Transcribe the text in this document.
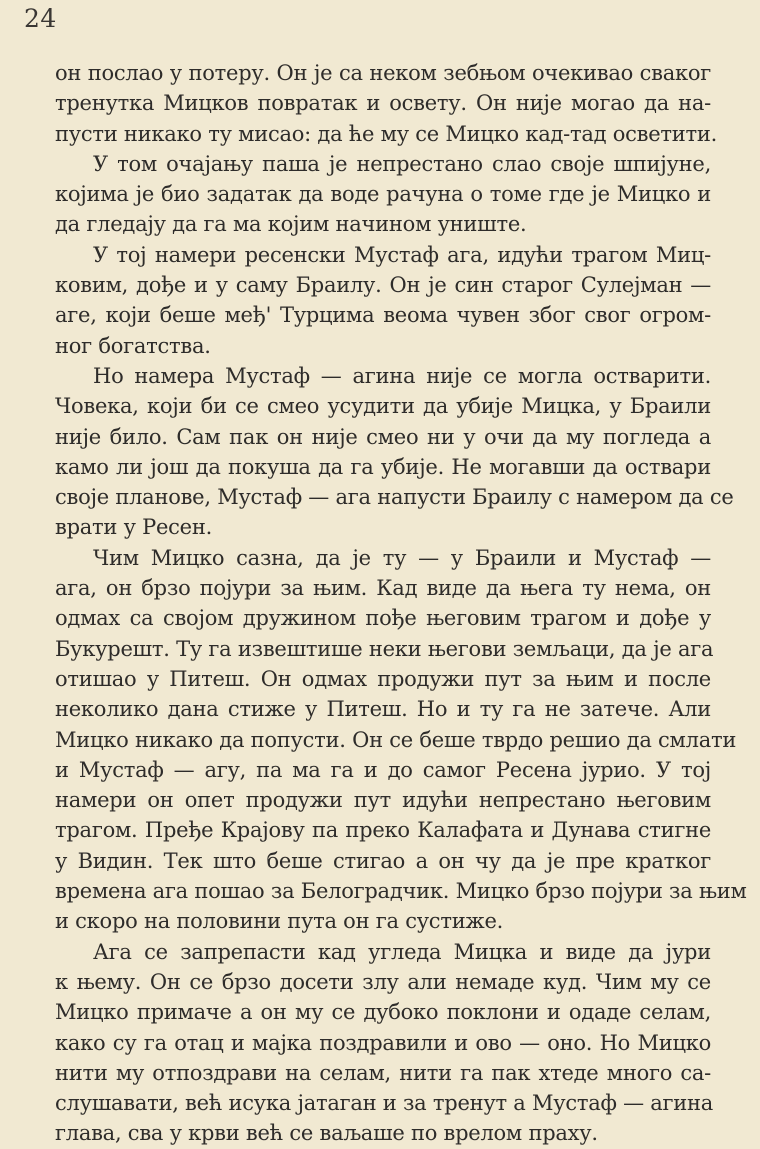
24
он послао у потеру. Он је са неком зебњом очекивао сваког
тренутка Мицков повратак и освету. Он није могао да на-
пусти никако ту мисао: да ће му се Мицко кад-тад осветити.
У том очајању паша је непрестано слао своје шпијуне,
којима је био задатак да воде рачуна о томе где је Мицко и
да гледају да га ма којим начином униште.
У тој намери ресенски Мустаф ага, идући трагом Миц-
ковим, дође и у саму Браилу. Он је син старог Сулејман —
аге, који беше међ' Турцима веома чувен због свог огром-
ног богатства.
Но намера Мустаф — агина није се могла остварити.
Човека, који би се смео усудити да убије Мицка, у Браили
није било. Сам пак он није смео ни у очи да му погледа а
камо ли још да покуша да га убије. Не могавши да оствари
своје планове, Мустаф — ага напусти Браилу с намером да се
врати у Ресен.
Чим Мицко сазна, да је ту — у Браили и Мустаф —
ага, он брзо појури за њим. Кад виде да њега ту нема, он
одмах са својом дружином пође његовим трагом и дође у
Букурешт. Ту га извештише неки његови земљаци, да је ага
отишао у Питеш. Он одмах продужи пут за њим и после
неколико дана стиже у Питеш. Но и ту га не затече. Али
Мицко никако да попусти. Он се беше тврдо решио да смлати
и Мустаф — агу, па ма га и до самог Ресена јурио. У тој
намери он опет продужи пут идући непрестано његовим
трагом. Пређе Крајову па преко Калафата и Дунава стигне
у Видин. Тек што беше стигао а он чу да је пре кратког
времена ага пошао за Белоградчик. Мицко брзо појури за њим
и скоро на половини пута он га сустиже.
Ага се запрепасти кад угледа Мицка и виде да јури
к њему. Он се брзо досети злу али немаде куд. Чим му се
Мицко примаче а он му се дубоко поклони и одаде селам,
како су га отац и мајка поздравили и ово — оно. Но Мицко
нити му отпоздрави на селам, нити га пак хтеде много са-
слушавати, већ исука јатаган и за тренут а Мустаф — агина
глава, сва у крви већ се ваљаше по врелом праху.
